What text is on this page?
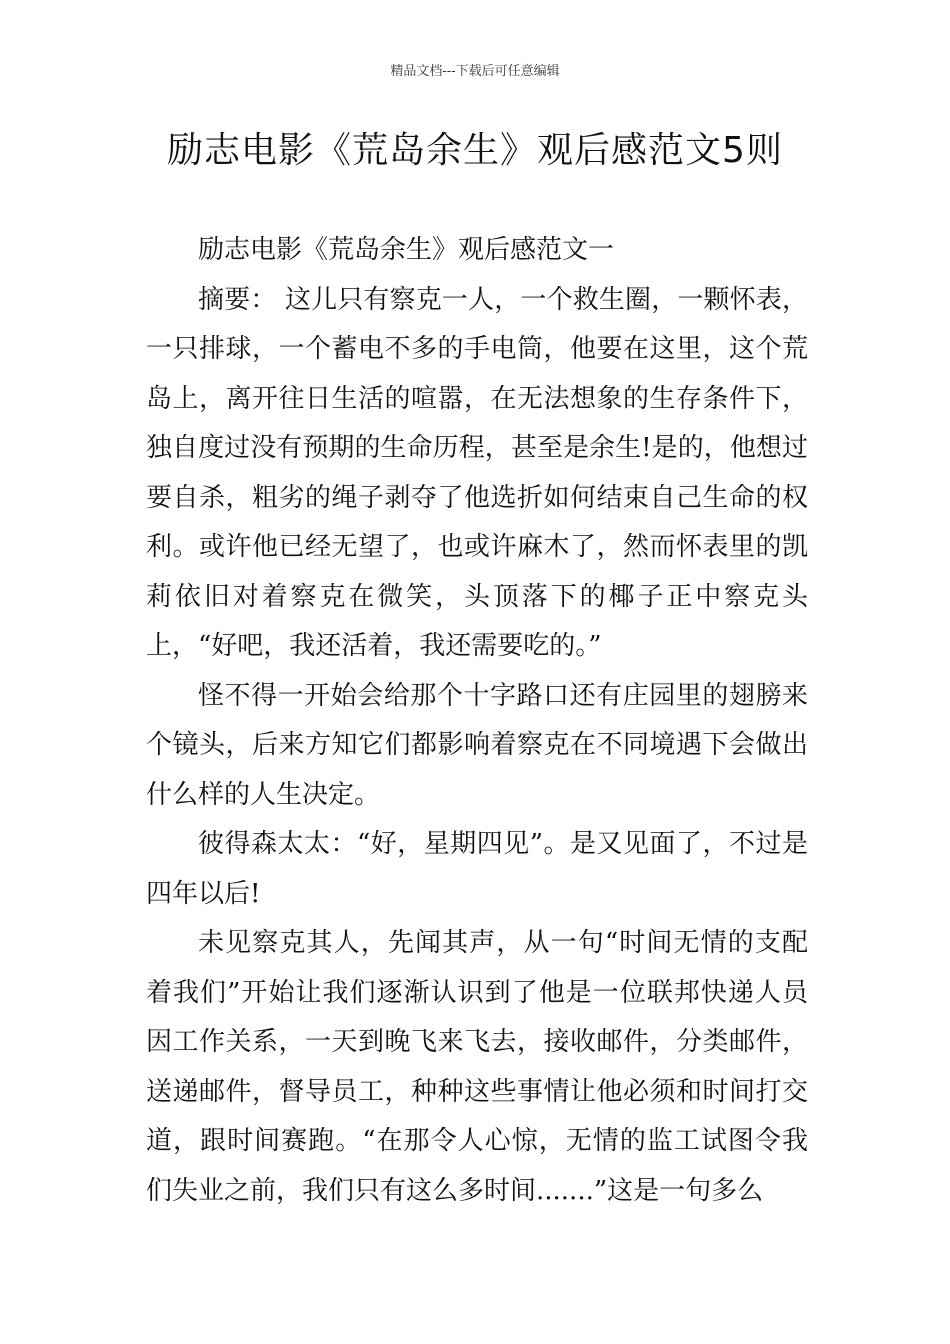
精品文档---下载后可任意编辑
励志电影《荒岛余生》观后感范文5则

励志电影《荒岛余生》观后感范文一

摘要： 这儿只有察克一人，一个救生圈，一颗怀表，一只排球，一个蓄电不多的手电筒，他要在这里，这个荒岛上，离开往日生活的喧嚣，在无法想象的生存条件下，独自度过没有预期的生命历程，甚至是余生!是的，他想过要自杀，粗劣的绳子剥夺了他选折如何结束自己生命的权利。或许他已经无望了，也或许麻木了，然而怀表里的凯莉依旧对着察克在微笑，头顶落下的椰子正中察克头上，“好吧，我还活着，我还需要吃的。”

怪不得一开始会给那个十字路口还有庄园里的翅膀来个镜头，后来方知它们都影响着察克在不同境遇下会做出什么样的人生决定。

彼得森太太：“好，星期四见”。是又见面了，不过是四年以后!

未见察克其人，先闻其声，从一句“时间无情的支配着我们”开始让我们逐渐认识到了他是一位联邦快递人员因工作关系，一天到晚飞来飞去，接收邮件，分类邮件，送递邮件，督导员工，种种这些事情让他必须和时间打交道，跟时间赛跑。“在那令人心惊，无情的监工试图令我们失业之前，我们只有这么多时间.......”这是一句多么
